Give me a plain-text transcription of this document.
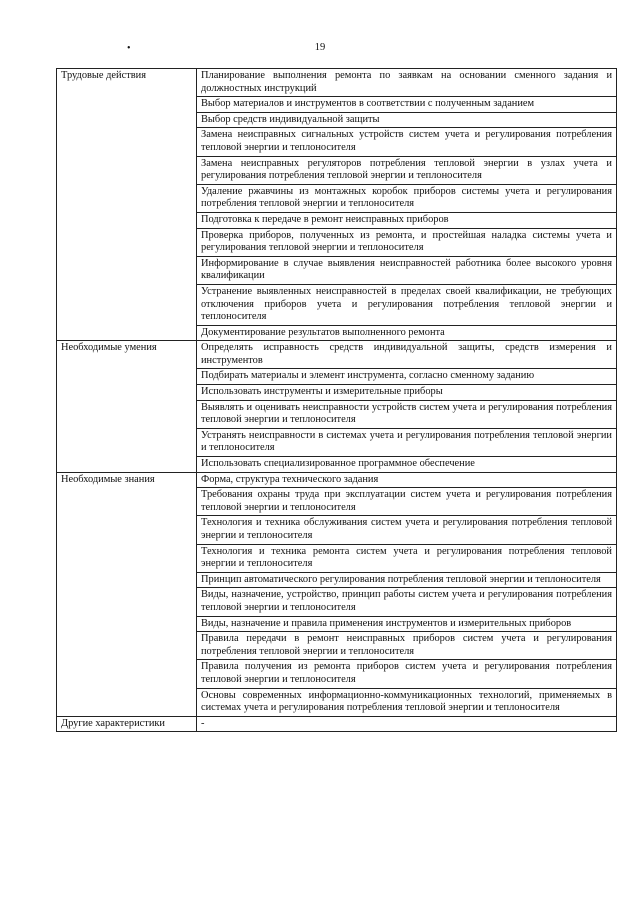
•	19
Трудовые действия	Планирование выполнения ремонта по заявкам на основании сменного задания и должностных инструкций
	Выбор материалов и инструментов в соответствии с полученным заданием
	Выбор средств индивидуальной защиты
	Замена неисправных сигнальных устройств систем учета и регулирования потребления тепловой энергии и теплоносителя
	Замена неисправных регуляторов потребления тепловой энергии в узлах учета и регулирования потребления тепловой энергии и теплоносителя
	Удаление ржавчины из монтажных коробок приборов системы учета и регулирования потребления тепловой энергии и теплоносителя
	Подготовка к передаче в ремонт неисправных приборов
	Проверка приборов, полученных из ремонта, и простейшая наладка системы учета и регулирования тепловой энергии и теплоносителя
	Информирование в случае выявления неисправностей работника более высокого уровня квалификации
	Устранение выявленных неисправностей в пределах своей квалификации, не требующих отключения приборов учета и регулирования потребления тепловой энергии и теплоносителя
	Документирование результатов выполненного ремонта
Необходимые умения	Определять исправность средств индивидуальной защиты, средств измерения и инструментов
	Подбирать материалы и элемент инструмента, согласно сменному заданию
	Использовать инструменты и измерительные приборы
	Выявлять и оценивать неисправности устройств систем учета и регулирования потребления тепловой энергии и теплоносителя
	Устранять неисправности в системах учета и регулирования потребления тепловой энергии и теплоносителя
	Использовать специализированное программное обеспечение
Необходимые знания	Форма, структура технического задания
	Требования охраны труда при эксплуатации систем учета и регулирования потребления тепловой энергии и теплоносителя
	Технология и техника обслуживания систем учета и регулирования потребления тепловой энергии и теплоносителя
	Технология и техника ремонта систем учета и регулирования потребления тепловой энергии и теплоносителя
	Принцип автоматического регулирования потребления тепловой энергии и теплоносителя
	Виды, назначение, устройство, принцип работы систем учета и регулирования потребления тепловой энергии и теплоносителя
	Виды, назначение и правила применения инструментов и измерительных приборов
	Правила передачи в ремонт неисправных приборов систем учета и регулирования потребления тепловой энергии и теплоносителя
	Правила получения из ремонта приборов систем учета и регулирования потребления тепловой энергии и теплоносителя
	Основы современных информационно-коммуникационных технологий, применяемых в системах учета и регулирования потребления тепловой энергии и теплоносителя
Другие характеристики	-
